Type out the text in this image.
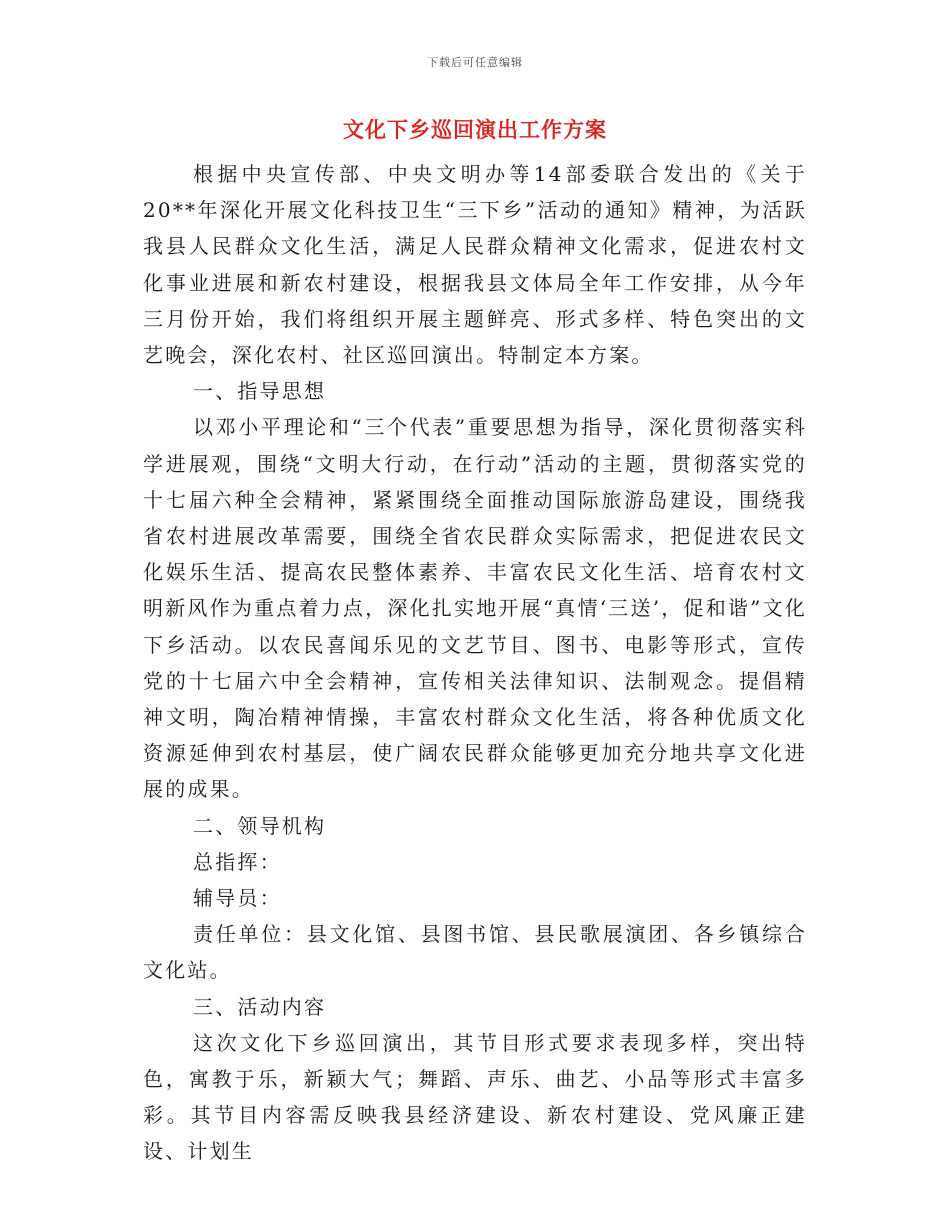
下载后可任意编辑
文化下乡巡回演出工作方案

根据中央宣传部、中央文明办等14部委联合发出的《关于20**年深化开展文化科技卫生“三下乡”活动的通知》精神，为活跃我县人民群众文化生活，满足人民群众精神文化需求，促进农村文化事业进展和新农村建设，根据我县文体局全年工作安排，从今年三月份开始，我们将组织开展主题鲜亮、形式多样、特色突出的文艺晚会，深化农村、社区巡回演出。特制定本方案。

一、指导思想

以邓小平理论和“三个代表”重要思想为指导，深化贯彻落实科学进展观，围绕“文明大行动，在行动”活动的主题，贯彻落实党的十七届六种全会精神，紧紧围绕全面推动国际旅游岛建设，围绕我省农村进展改革需要，围绕全省农民群众实际需求，把促进农民文化娱乐生活、提高农民整体素养、丰富农民文化生活、培育农村文明新风作为重点着力点，深化扎实地开展“真情‘三送’，促和谐”文化下乡活动。以农民喜闻乐见的文艺节目、图书、电影等形式，宣传党的十七届六中全会精神，宣传相关法律知识、法制观念。提倡精神文明，陶冶精神情操，丰富农村群众文化生活，将各种优质文化资源延伸到农村基层，使广阔农民群众能够更加充分地共享文化进展的成果。

二、领导机构

总指挥：

辅导员：

责任单位：县文化馆、县图书馆、县民歌展演团、各乡镇综合文化站。

三、活动内容

这次文化下乡巡回演出，其节目形式要求表现多样，突出特色，寓教于乐，新颖大气；舞蹈、声乐、曲艺、小品等形式丰富多彩。其节目内容需反映我县经济建设、新农村建设、党风廉正建设、计划生
